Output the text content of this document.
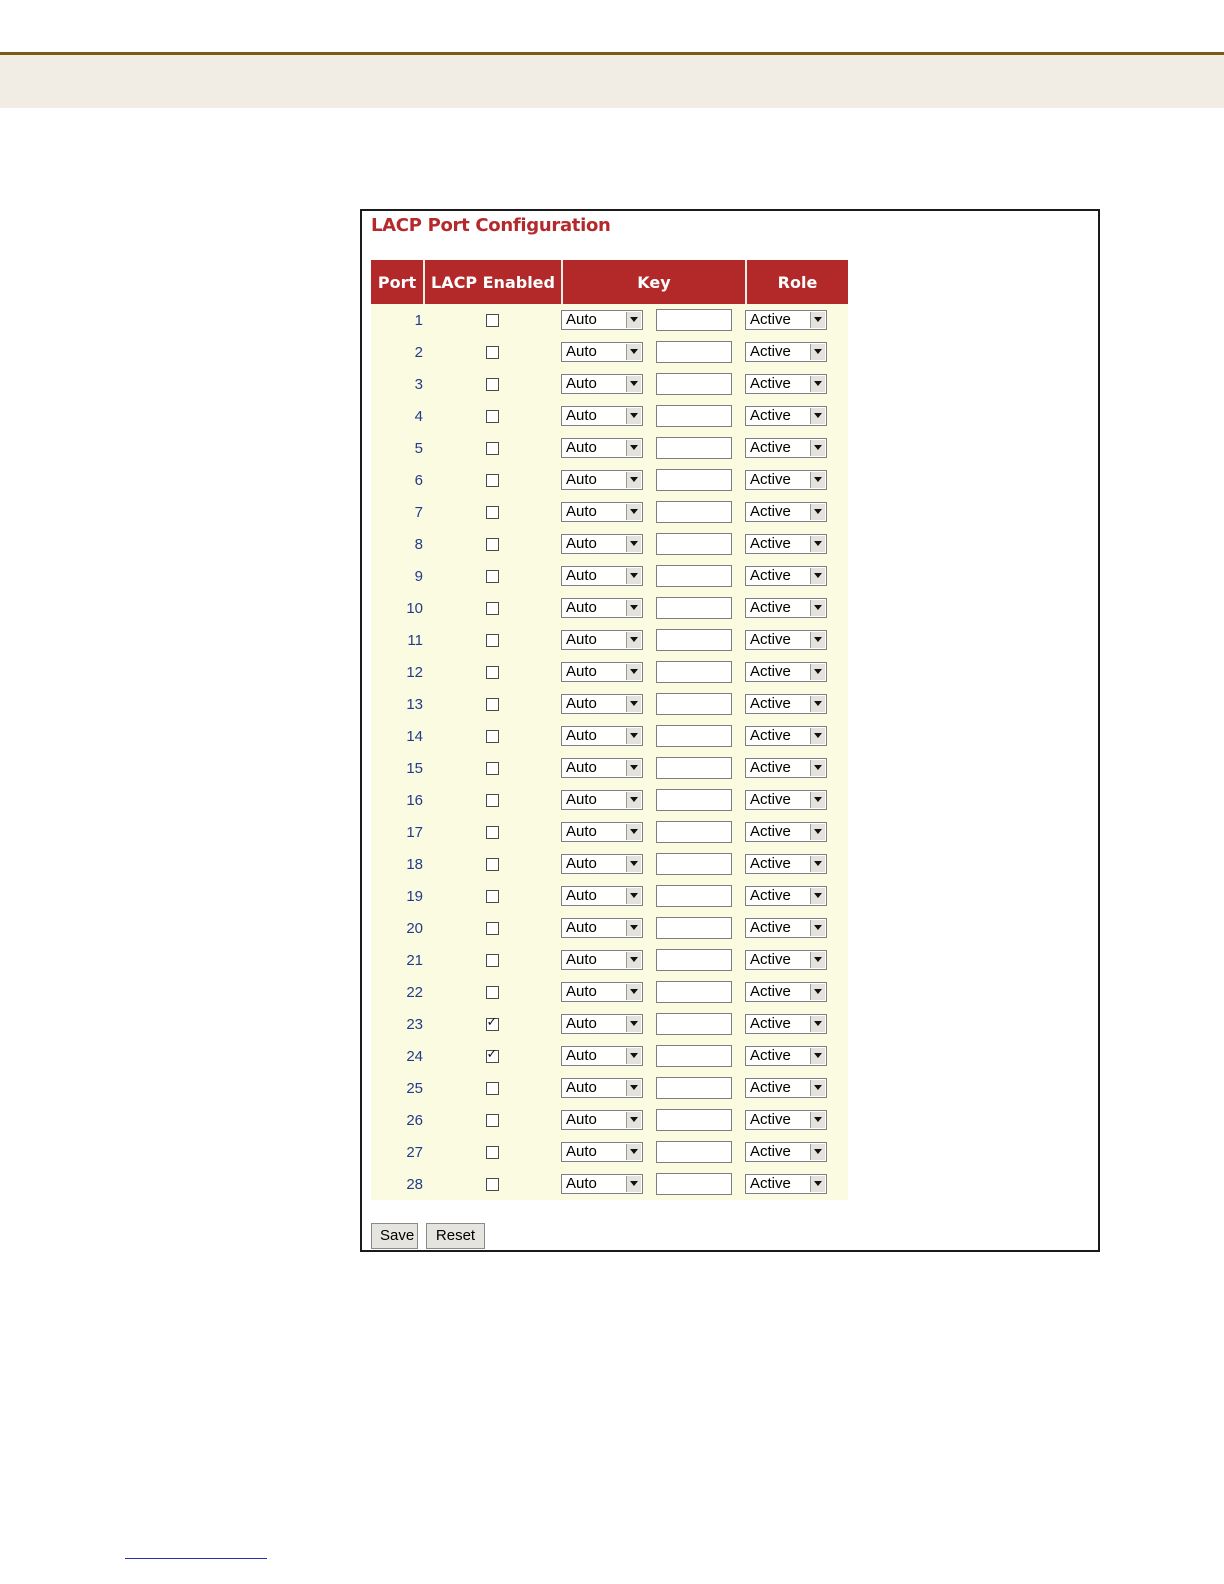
LACP Port Configuration
Port	LACP Enabled	Key	Role
1		Auto	Active

2		Auto	Active

3		Auto	Active

4		Auto	Active

5		Auto	Active

6		Auto	Active

7		Auto	Active

8		Auto	Active

9		Auto	Active

10		Auto	Active

11		Auto	Active

12		Auto	Active

13		Auto	Active

14		Auto	Active

15		Auto	Active

16		Auto	Active

17		Auto	Active

18		Auto	Active

19		Auto	Active

20		Auto	Active

21		Auto	Active

22		Auto	Active

23	✓	Auto	Active

24	✓	Auto	Active

25		Auto	Active

26		Auto	Active

27		Auto	Active

28		Auto	Active
Save	Reset
